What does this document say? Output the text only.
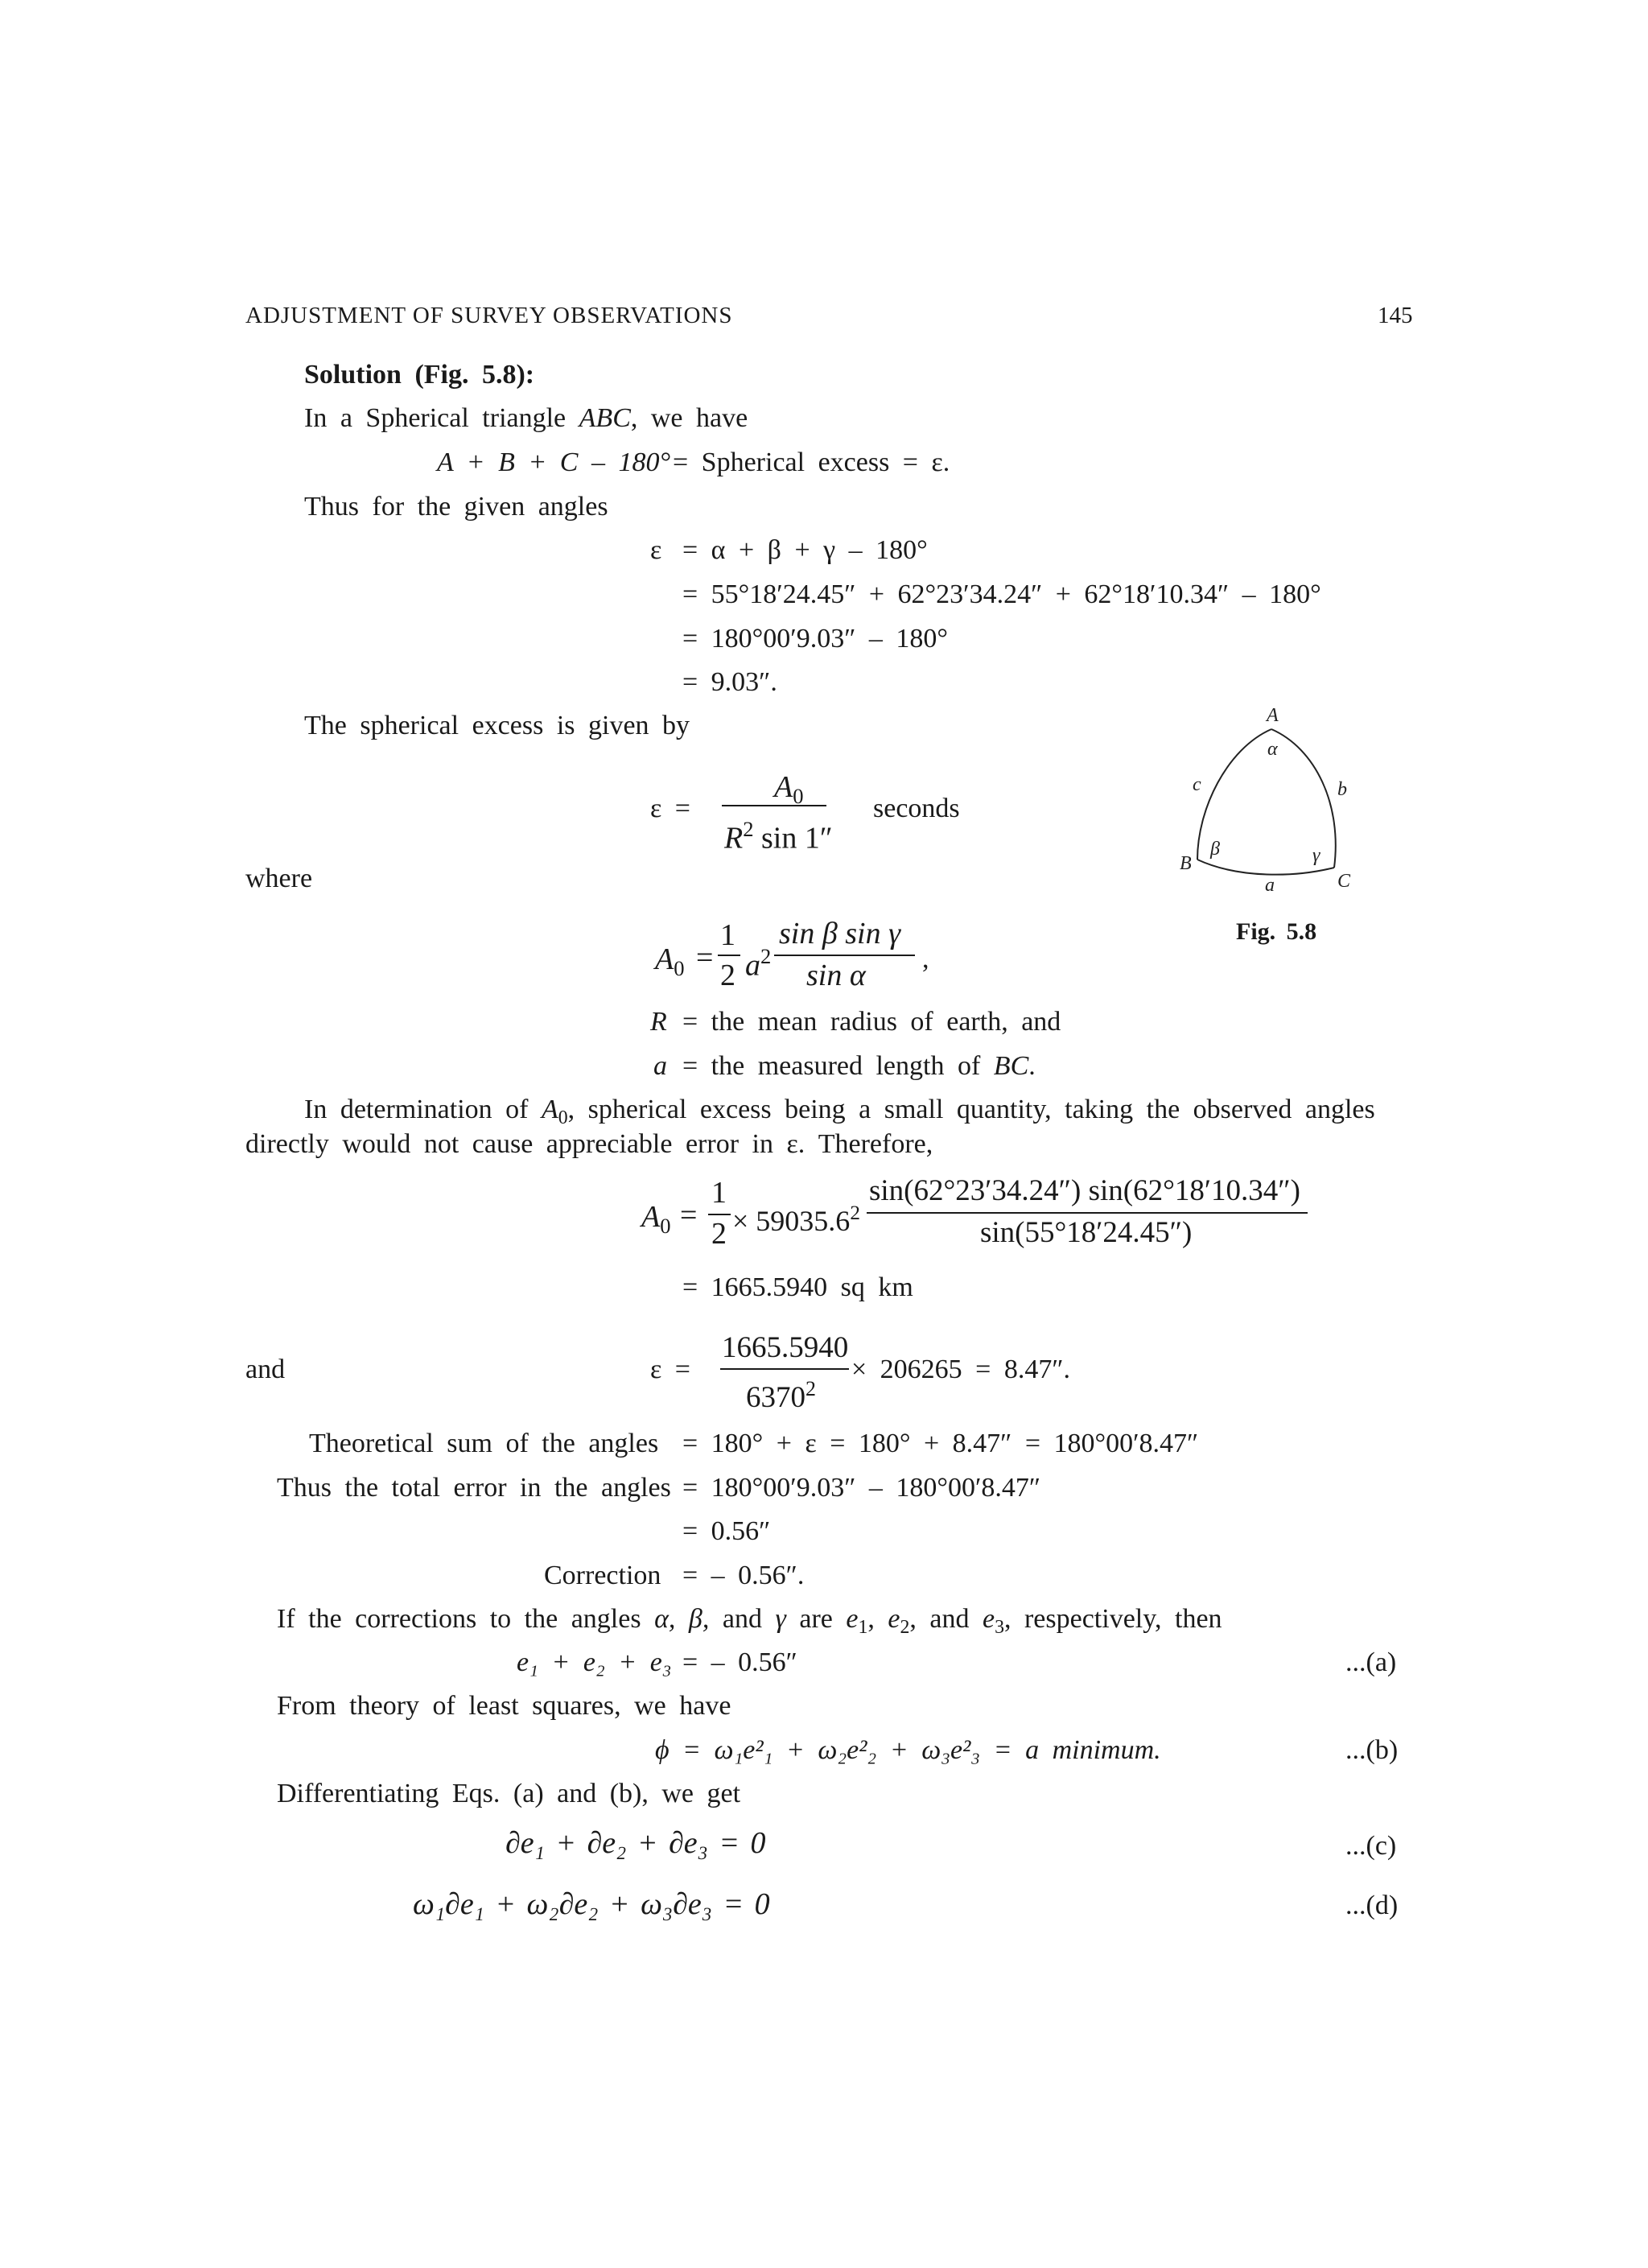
ADJUSTMENT OF SURVEY OBSERVATIONS	145
Solution (Fig. 5.8):
In a Spherical triangle ABC, we have
A + B + C – 180° = Spherical excess = ε.
Thus for the given angles
ε = α + β + γ – 180°
= 55°18′24.45″ + 62°23′34.24″ + 62°18′10.34″ – 180°
= 180°00′9.03″ – 180°
= 9.03″.
The spherical excess is given by
ε =
$A_0$
$R^2$ sin 1″
seconds
A
B
C
a
b
c
α
β	γ
Fig. 5.8
where
$A_0$ =
1
2 $a^2$
sin β sin γ
sin α ,
R = the mean radius of earth, and
a = the measured length of BC.
In determination of $A_0$, spherical excess being a small quantity, taking the observed angles
directly would not cause appreciable error in ε. Therefore,
$A_0$ =
1
$2 \times 59035.6^2$
sin(62°23′34.24″) sin(62°18′10.34″)
sin(55°18′24.45″)
= 1665.5940 sq km
and	ε =
1665.5940
$6370^2$
× 206265 = 8.47″.
Theoretical sum of the angles = 180° + ε = 180° + 8.47″ = 180°00′8.47″
Thus the total error in the angles = 180°00′9.03″ – 180°00′8.47″
= 0.56″
Correction = – 0.56″.
If the corrections to the angles α, β, and γ are $e_1$, $e_2$, and $e_3$, respectively, then
e₁ + e₂ + e₃ = – 0.56″	...(a)
From theory of least squares, we have
ϕ = ω₁e²₁ + ω₂e²₂ + ω₃e²₃ = a minimum.	...(b)
Differentiating Eqs. (a) and (b), we get
∂e₁ + ∂e₂ + ∂e₃ = 0	...(c)
ω₁∂e₁ + ω₂∂e₂ + ω₃∂e₃ = 0	...(d)
